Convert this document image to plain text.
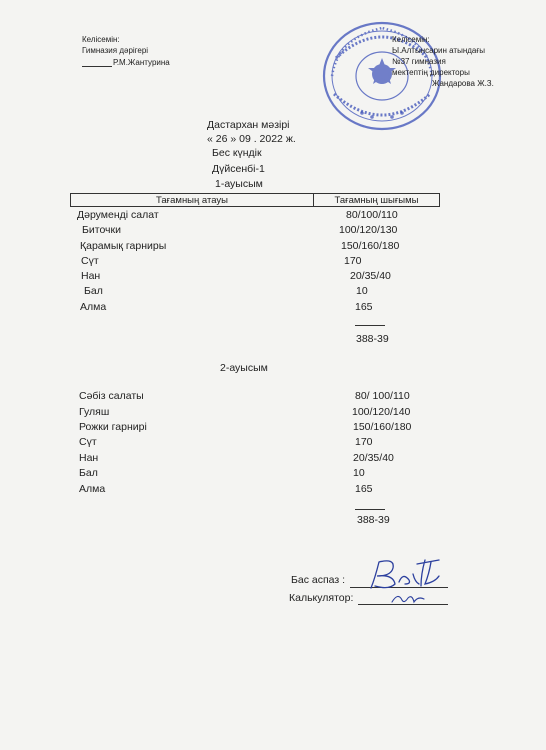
Келісемін:
Гимназия дәрігері
Р.М.Жантурина
Келісемін:
Ы.Алтынсарин атындағы
№37 гимназия
мектептің директоры
Жандарова Ж.З.
Дастархан мәзірі
« 26 » 09 . 2022 ж.
Бес күндік
Дүйсенбі-1
1-ауысым
Тағамның атауы	Тағамның шығымы
Дәруменді салат	80/100/110
Биточки	100/120/130
Қарамық гарниры	150/160/180
Сүт	170
Нан	20/35/40
Бал	10
Алма	165
388-39
2-ауысым
Сәбіз салаты	80/ 100/110
Гуляш	100/120/140
Рожки гарнирі	150/160/180
Сүт	170
Нан	20/35/40
Бал	10
Алма	165
388-39
Бас аспаз :
Калькулятор:
